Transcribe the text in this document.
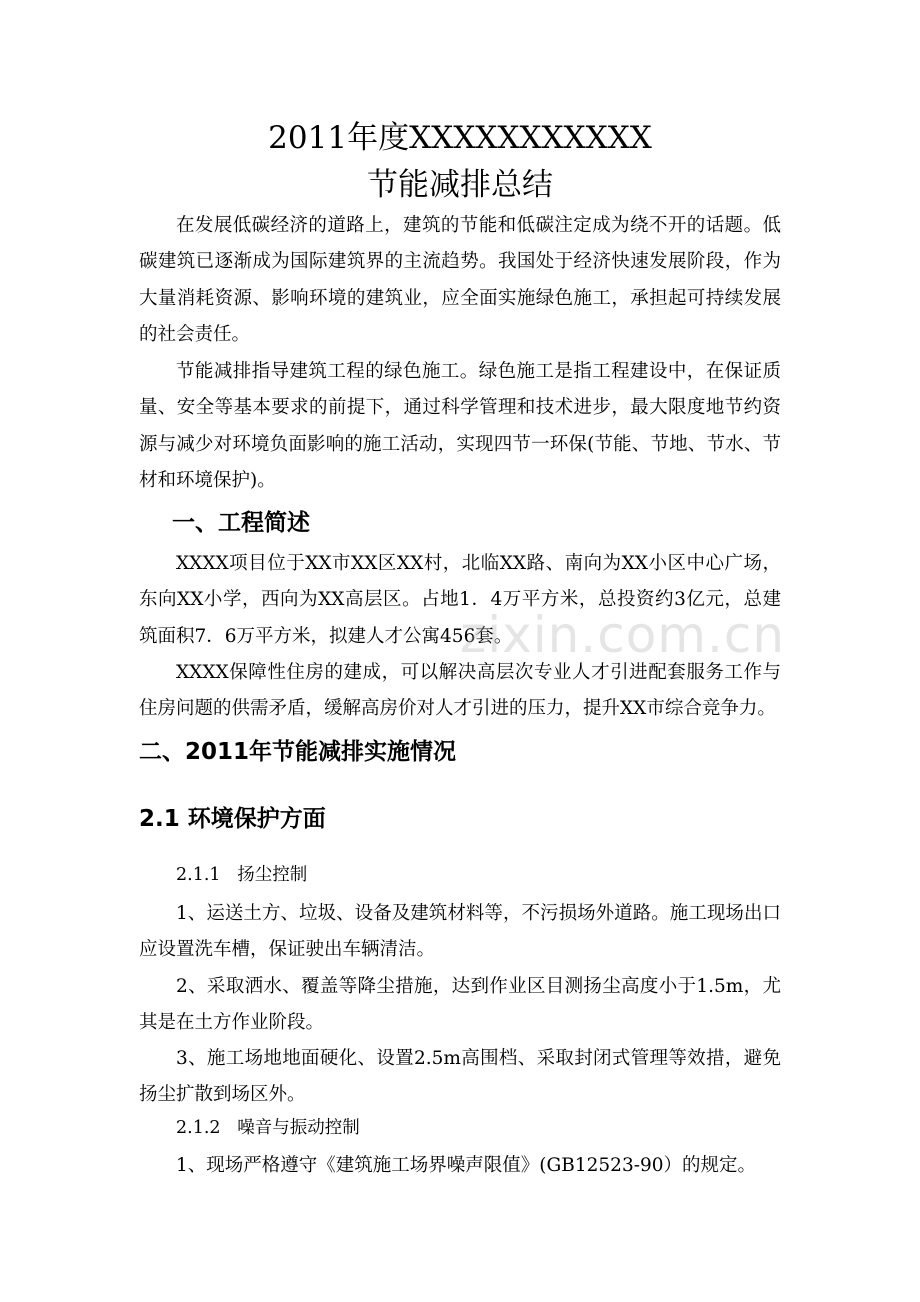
2011年度XXXXXXXXXXX
节能减排总结

在发展低碳经济的道路上，建筑的节能和低碳注定成为绕不开的话题。低碳建筑已逐渐成为国际建筑界的主流趋势。我国处于经济快速发展阶段，作为大量消耗资源、影响环境的建筑业，应全面实施绿色施工，承担起可持续发展的社会责任。

节能减排指导建筑工程的绿色施工。绿色施工是指工程建设中，在保证质量、安全等基本要求的前提下，通过科学管理和技术进步，最大限度地节约资源与减少对环境负面影响的施工活动，实现四节一环保(节能、节地、节水、节材和环境保护)。

一、工程简述

XXXX项目位于XX市XX区XX村，北临XX路、南向为XX小区中心广场，东向XX小学，西向为XX高层区。占地1．4万平方米，总投资约3亿元，总建筑面积7．6万平方米，拟建人才公寓456套。

XXXX保障性住房的建成，可以解决高层次专业人才引进配套服务工作与住房问题的供需矛盾，缓解高房价对人才引进的压力，提升XX市综合竞争力。

二、2011年节能减排实施情况
2.1 环境保护方面

2.1.1   扬尘控制

1、运送土方、垃圾、设备及建筑材料等，不污损场外道路。施工现场出口应设置洗车槽，保证驶出车辆清洁。

2、采取洒水、覆盖等降尘措施，达到作业区目测扬尘高度小于1.5m，尤其是在土方作业阶段。

3、施工场地地面硬化、设置2.5m高围档、采取封闭式管理等效措，避免扬尘扩散到场区外。

2.1.2   噪音与振动控制

1、现场严格遵守《建筑施工场界噪声限值》(GB12523-90）的规定。

zixin.com.cn
